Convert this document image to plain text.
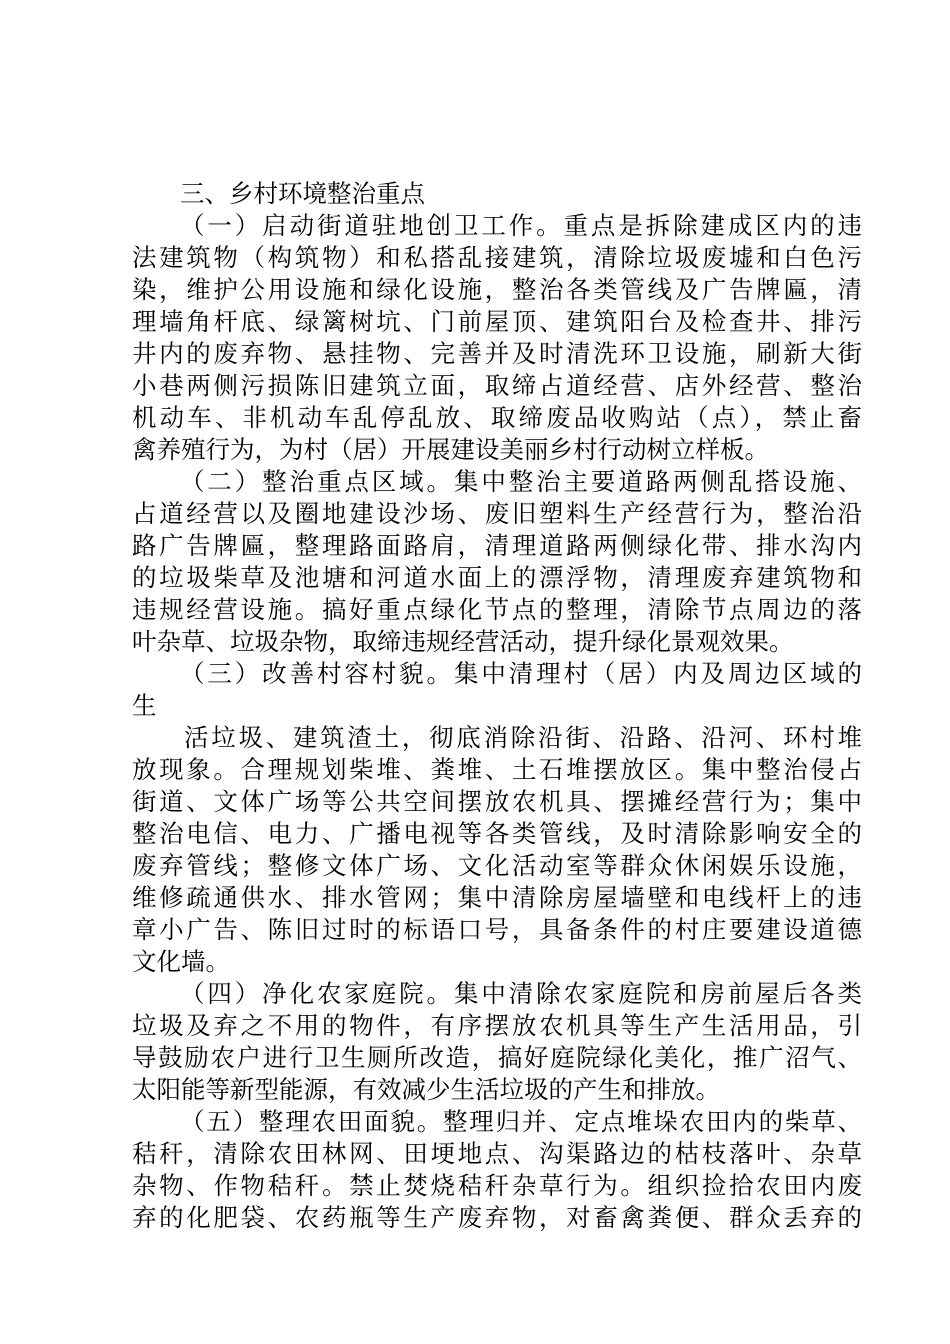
三、乡村环境整治重点
（一）启动街道驻地创卫工作。重点是拆除建成区内的违
法建筑物（构筑物）和私搭乱接建筑，清除垃圾废墟和白色污
染，维护公用设施和绿化设施，整治各类管线及广告牌匾，清
理墙角杆底、绿篱树坑、门前屋顶、建筑阳台及检查井、排污
井内的废弃物、悬挂物、完善并及时清洗环卫设施，刷新大街
小巷两侧污损陈旧建筑立面，取缔占道经营、店外经营、整治
机动车、非机动车乱停乱放、取缔废品收购站（点），禁止畜
禽养殖行为，为村（居）开展建设美丽乡村行动树立样板。
（二）整治重点区域。集中整治主要道路两侧乱搭设施、
占道经营以及圈地建设沙场、废旧塑料生产经营行为，整治沿
路广告牌匾，整理路面路肩，清理道路两侧绿化带、排水沟内
的垃圾柴草及池塘和河道水面上的漂浮物，清理废弃建筑物和
违规经营设施。搞好重点绿化节点的整理，清除节点周边的落
叶杂草、垃圾杂物，取缔违规经营活动，提升绿化景观效果。
（三）改善村容村貌。集中清理村（居）内及周边区域的
生
活垃圾、建筑渣土，彻底消除沿街、沿路、沿河、环村堆
放现象。合理规划柴堆、粪堆、土石堆摆放区。集中整治侵占
街道、文体广场等公共空间摆放农机具、摆摊经营行为；集中
整治电信、电力、广播电视等各类管线，及时清除影响安全的
废弃管线；整修文体广场、文化活动室等群众休闲娱乐设施，
维修疏通供水、排水管网；集中清除房屋墙壁和电线杆上的违
章小广告、陈旧过时的标语口号，具备条件的村庄要建设道德
文化墙。
（四）净化农家庭院。集中清除农家庭院和房前屋后各类
垃圾及弃之不用的物件，有序摆放农机具等生产生活用品，引
导鼓励农户进行卫生厕所改造，搞好庭院绿化美化，推广沼气、
太阳能等新型能源，有效减少生活垃圾的产生和排放。
（五）整理农田面貌。整理归并、定点堆垛农田内的柴草、
秸秆，清除农田林网、田埂地点、沟渠路边的枯枝落叶、杂草
杂物、作物秸秆。禁止焚烧秸秆杂草行为。组织捡拾农田内废
弃的化肥袋、农药瓶等生产废弃物，对畜禽粪便、群众丢弃的
